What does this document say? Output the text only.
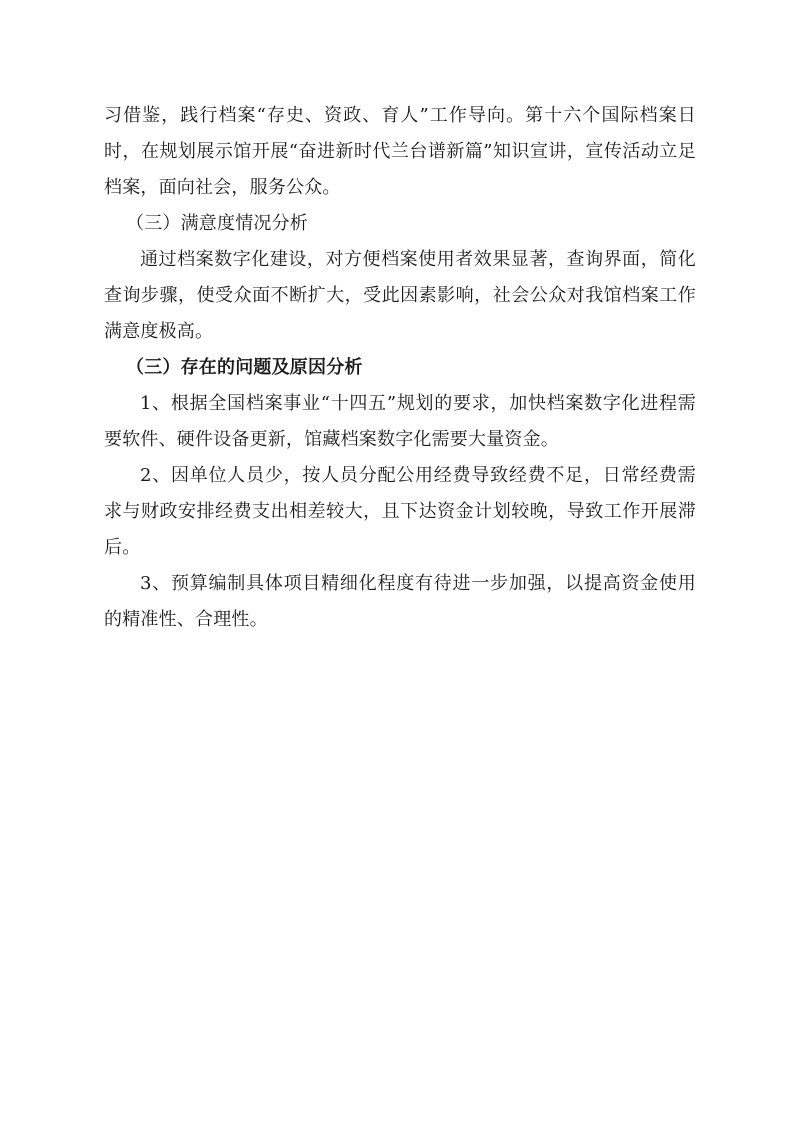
习借鉴，践行档案“存史、资政、育人”工作导向。第十六个国际档案日时，在规划展示馆开展“奋进新时代兰台谱新篇”知识宣讲，宣传活动立足档案，面向社会，服务公众。

（三）满意度情况分析

通过档案数字化建设，对方便档案使用者效果显著，查询界面，简化查询步骤，使受众面不断扩大，受此因素影响，社会公众对我馆档案工作满意度极高。

（三）存在的问题及原因分析

1、根据全国档案事业“十四五”规划的要求，加快档案数字化进程需要软件、硬件设备更新，馆藏档案数字化需要大量资金。

2、因单位人员少，按人员分配公用经费导致经费不足，日常经费需求与财政安排经费支出相差较大，且下达资金计划较晚，导致工作开展滞后。

3、预算编制具体项目精细化程度有待进一步加强，以提高资金使用的精准性、合理性。
